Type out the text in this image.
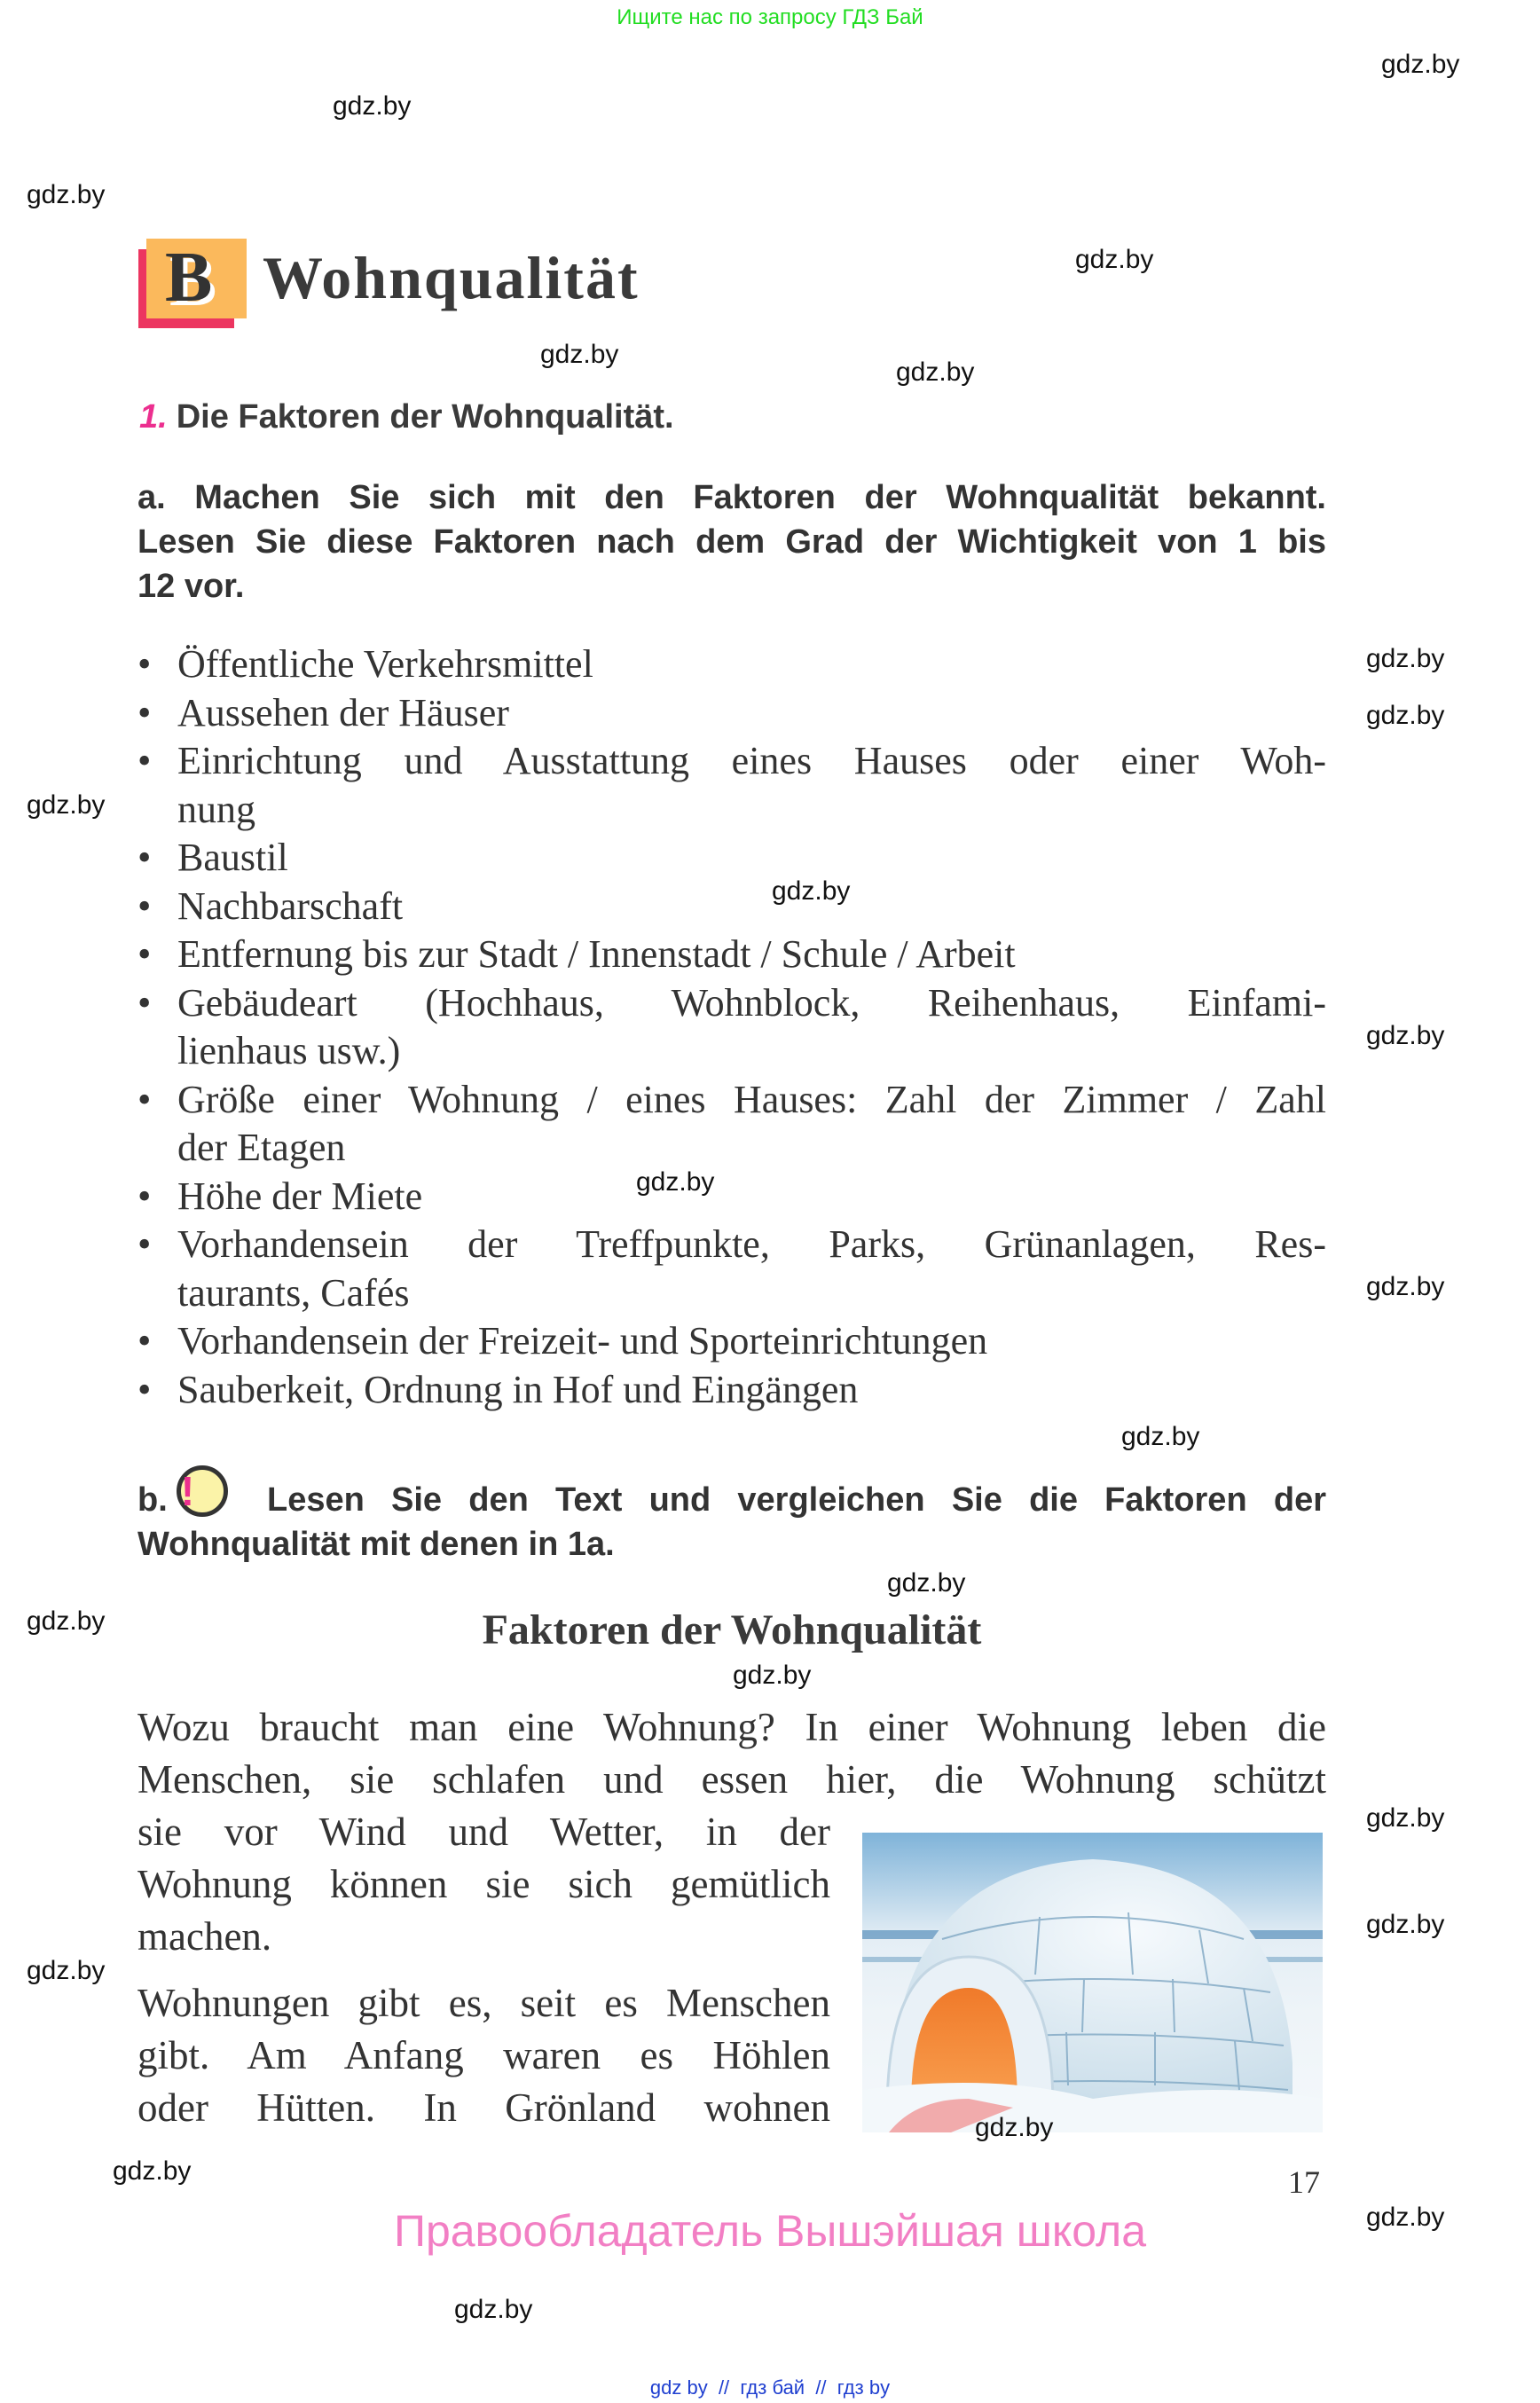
Ищите нас по запросу ГДЗ Бай
B Wohnqualität
1. Die Faktoren der Wohnqualität.
a. Machen Sie sich mit den Faktoren der Wohnqualität bekannt.
Lesen Sie diese Faktoren nach dem Grad der Wichtigkeit von 1 bis
12 vor.
• Öffentliche Verkehrsmittel
• Aussehen der Häuser
• Einrichtung und Ausstattung eines Hauses oder einer Woh-
nung
• Baustil
• Nachbarschaft
• Entfernung bis zur Stadt / Innenstadt / Schule / Arbeit
• Gebäudeart (Hochhaus, Wohnblock, Reihenhaus, Einfami-
lienhaus usw.)
• Größe einer Wohnung / eines Hauses: Zahl der Zimmer / Zahl
der Etagen
• Höhe der Miete
• Vorhandensein der Treffpunkte, Parks, Grünanlagen, Res-
taurants, Cafés
• Vorhandensein der Freizeit- und Sporteinrichtungen
• Sauberkeit, Ordnung in Hof und Eingängen
b. ! Lesen Sie den Text und vergleichen Sie die Faktoren der
Wohnqualität mit denen in 1a.
Faktoren der Wohnqualität
Wozu braucht man eine Wohnung? In einer Wohnung leben die
Menschen, sie schlafen und essen hier, die Wohnung schützt
sie vor Wind und Wetter, in der
Wohnung können sie sich gemütlich
machen.
Wohnungen gibt es, seit es Menschen
gibt. Am Anfang waren es Höhlen
oder Hütten. In Grönland wohnen
17
Правообладатель Вышэйшая школа
gdz by  //  гдз бай  //  гдз by
gdz.by
gdz.by
gdz.by
gdz.by
gdz.by
gdz.by
gdz.by
gdz.by
gdz.by
gdz.by
gdz.by
gdz.by
gdz.by
gdz.by
gdz.by
gdz.by
gdz.by
gdz.by
gdz.by
gdz.by
gdz.by
gdz.by
gdz.by
gdz.by
